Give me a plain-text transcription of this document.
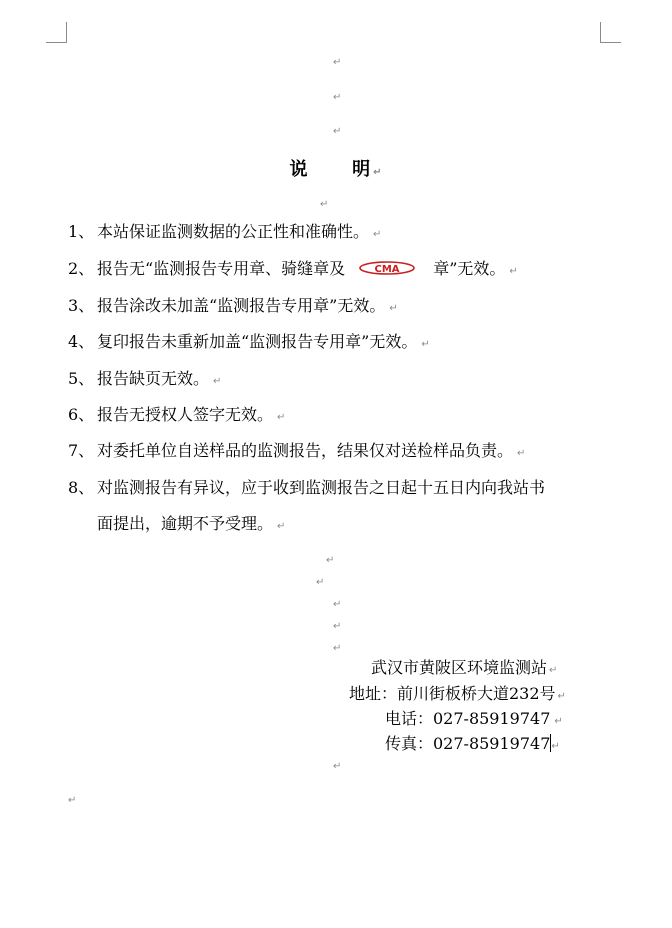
↵
↵
↵
说      明 ↵
↵
1、 本站保证监测数据的公正性和准确性。 ↵
2、 报告无“监测报告专用章、骑缝章及	CMA 章”无效。 ↵
3、 报告涂改未加盖“监测报告专用章”无效。 ↵
4、 复印报告未重新加盖“监测报告专用章”无效。 ↵
5、 报告缺页无效。 ↵
6、 报告无授权人签字无效。 ↵
7、 对委托单位自送样品的监测报告，结果仅对送检样品负责。 ↵
8、 对监测报告有异议，应于收到监测报告之日起十五日内向我站书
面提出，逾期不予受理。 ↵
↵
↵
↵
↵
↵
武汉市黄陂区环境监测站 ↵
地址：前川街板桥大道232号 ↵
电话：027-85919747 ↵
传真：027-85919747↵
↵
↵
